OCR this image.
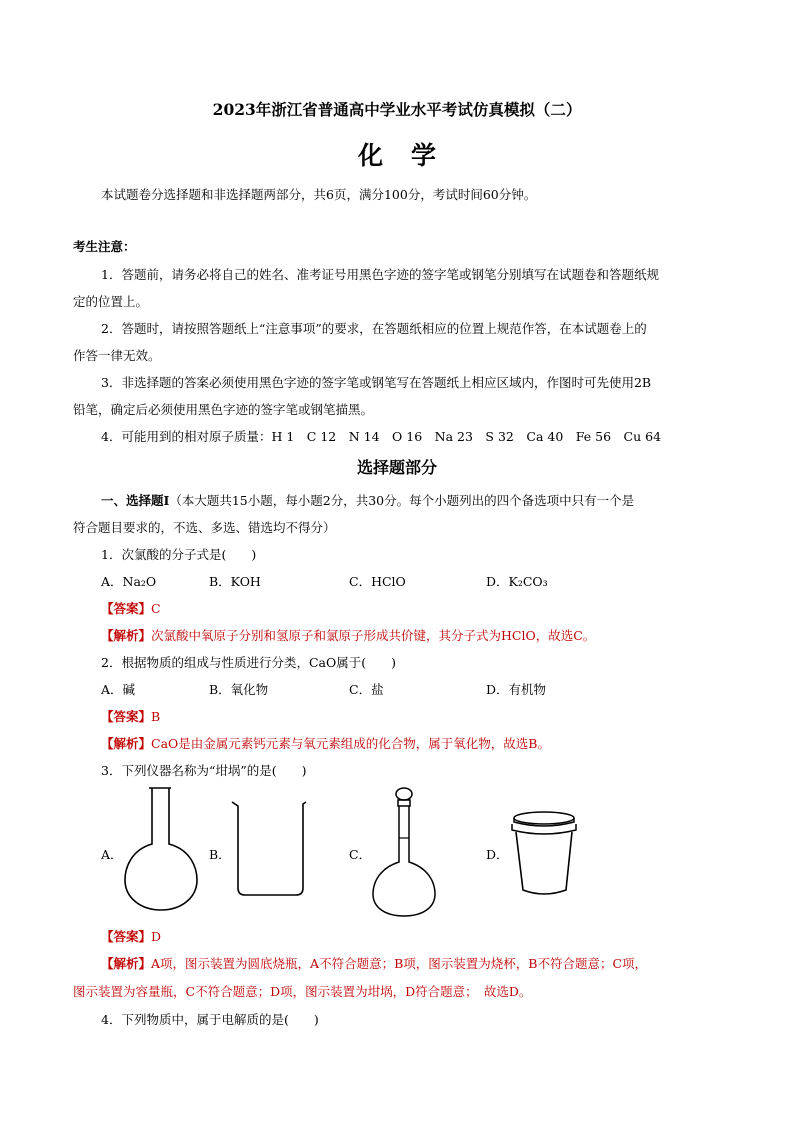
2023年浙江省普通高中学业水平考试仿真模拟（二）
化学
本试题卷分选择题和非选择题两部分，共6页，满分100分，考试时间60分钟。
考生注意：
1．答题前，请务必将自己的姓名、准考证号用黑色字迹的签字笔或钢笔分别填写在试题卷和答题纸规
定的位置上。
2．答题时，请按照答题纸上“注意事项”的要求，在答题纸相应的位置上规范作答，在本试题卷上的
作答一律无效。
3．非选择题的答案必须使用黑色字迹的签字笔或钢笔写在答题纸上相应区域内，作图时可先使用2B
铅笔，确定后必须使用黑色字迹的签字笔或钢笔描黑。
4．可能用到的相对原子质量：H 1　C 12　N 14　O 16　Na 23　S 32　Ca 40　Fe 56　Cu 64
选择题部分
一、选择题Ⅰ（本大题共15小题，每小题2分，共30分。每个小题列出的四个备选项中只有一个是
符合题目要求的，不选、多选、错选均不得分）
1．次氯酸的分子式是(　　)
A．Na₂O	B．KOH	C．HClO	D．K₂CO₃
【答案】C
【解析】次氯酸中氧原子分别和氢原子和氯原子形成共价键，其分子式为HClO，故选C。
2．根据物质的组成与性质进行分类，CaO属于(　　)
A．碱	B．氧化物	C．盐	D．有机物
【答案】B
【解析】CaO是由金属元素钙元素与氧元素组成的化合物，属于氧化物，故选B。
3．下列仪器名称为“坩埚”的是(　　)
A．	B．	C．	D．
【答案】D
【解析】A项，图示装置为圆底烧瓶，A不符合题意；B项，图示装置为烧杯，B不符合题意；C项，
图示装置为容量瓶，C不符合题意；D项，图示装置为坩埚，D符合题意；　故选D。
4．下列物质中，属于电解质的是(　　)
